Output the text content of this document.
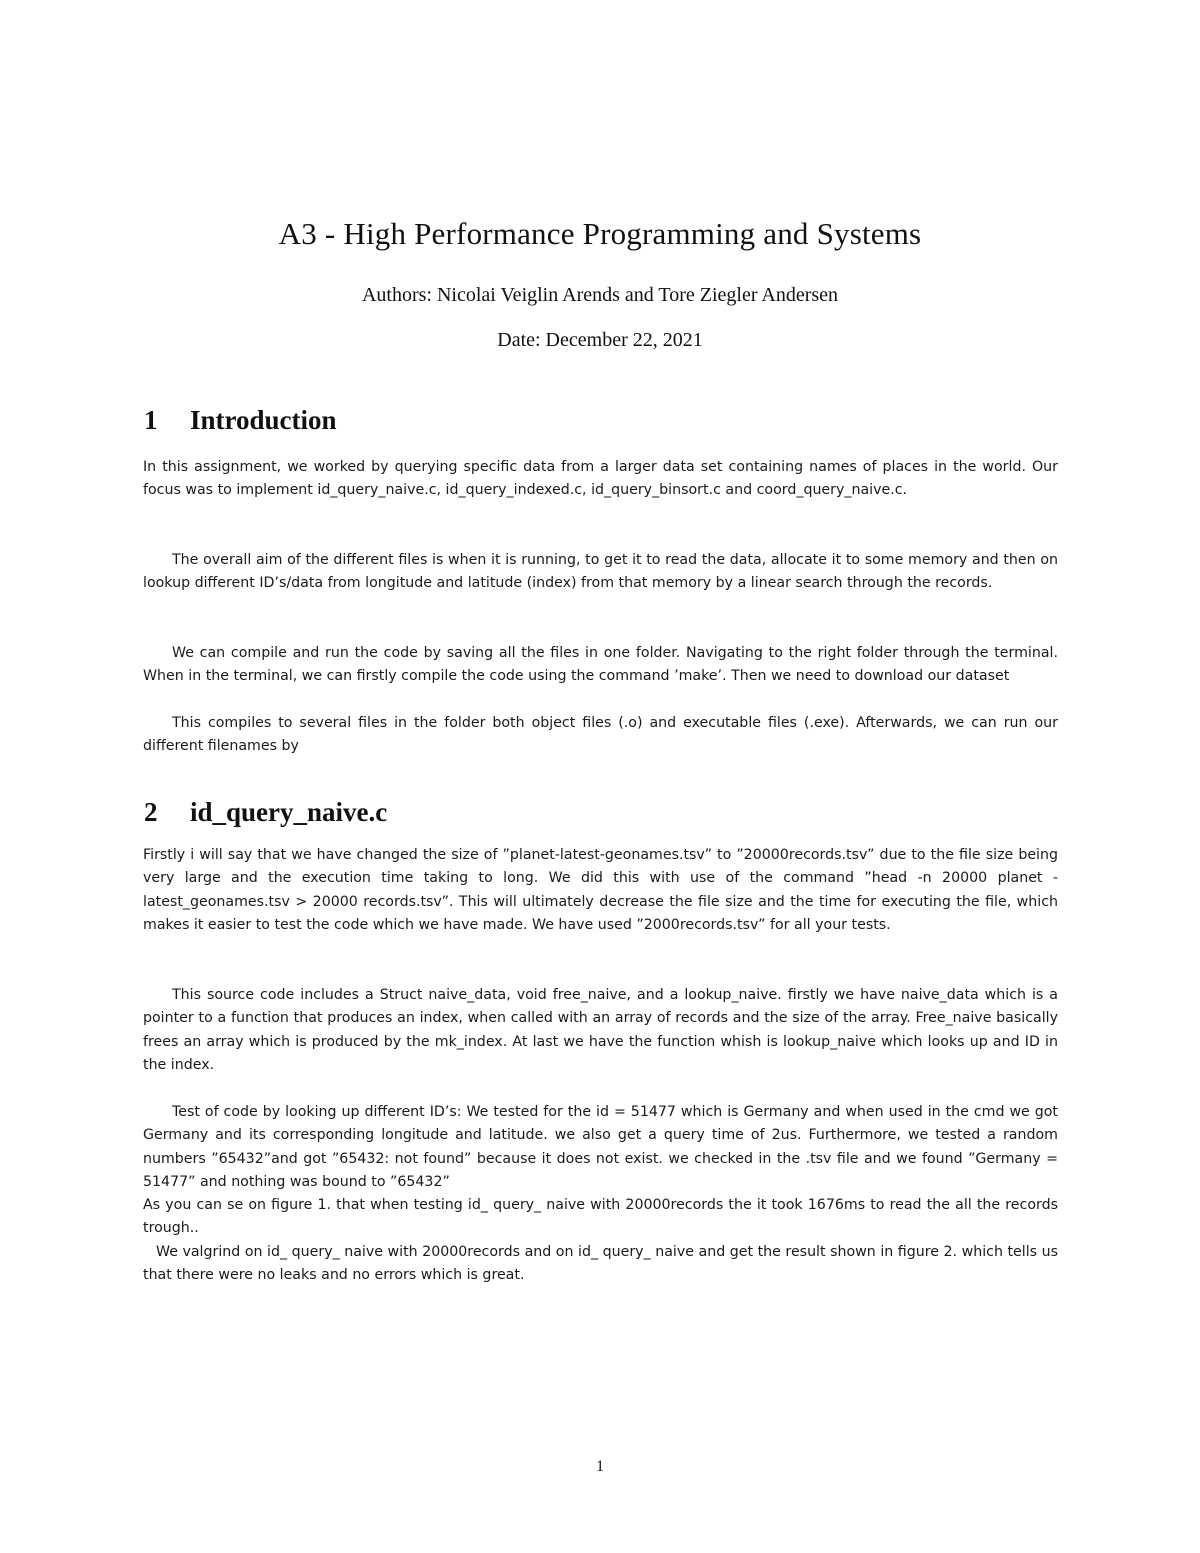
A3 - High Performance Programming and Systems
Authors: Nicolai Veiglin Arends and Tore Ziegler Andersen
Date: December 22, 2021
1 Introduction

In this assignment, we worked by querying specific data from a larger data set containing names of places in the world. Our focus was to implement id_query_naive.c, id_query_indexed.c, id_query_binsort.c and coord_query_naive.c.

The overall aim of the different files is when it is running, to get it to read the data, allocate it to some memory and then on lookup different ID’s/data from longitude and latitude (index) from that memory by a linear search through the records.

We can compile and run the code by saving all the files in one folder. Navigating to the right folder through the terminal. When in the terminal, we can firstly compile the code using the command ’make’. Then we need to download our dataset

This compiles to several files in the folder both object files (.o) and executable files (.exe). Afterwards, we can run our different filenames by

2 id_query_naive.c

Firstly i will say that we have changed the size of ”planet-latest-geonames.tsv” to ”20000records.tsv” due to the file size being very large and the execution time taking to long. We did this with use of the command ”head -n 20000 planet - latest_geonames.tsv > 20000 records.tsv”. This will ultimately decrease the file size and the time for executing the file, which makes it easier to test the code which we have made. We have used ”2000records.tsv” for all your tests.

This source code includes a Struct naive_data, void free_naive, and a lookup_naive. firstly we have naive_data which is a pointer to a function that produces an index, when called with an array of records and the size of the array. Free_naive basically frees an array which is produced by the mk_index. At last we have the function whish is lookup_naive which looks up and ID in the index.

Test of code by looking up different ID’s: We tested for the id = 51477 which is Germany and when used in the cmd we got Germany and its corresponding longitude and latitude. we also get a query time of 2us. Furthermore, we tested a random numbers ”65432”and got ”65432: not found” because it does not exist. we checked in the .tsv file and we found ”Germany = 51477” and nothing was bound to ”65432”

As you can se on figure 1. that when testing id_ query_ naive with 20000records the it took 1676ms to read the all the records trough..

We valgrind on id_ query_ naive with 20000records and on id_ query_ naive and get the result shown in figure 2. which tells us that there were no leaks and no errors which is great.

1
